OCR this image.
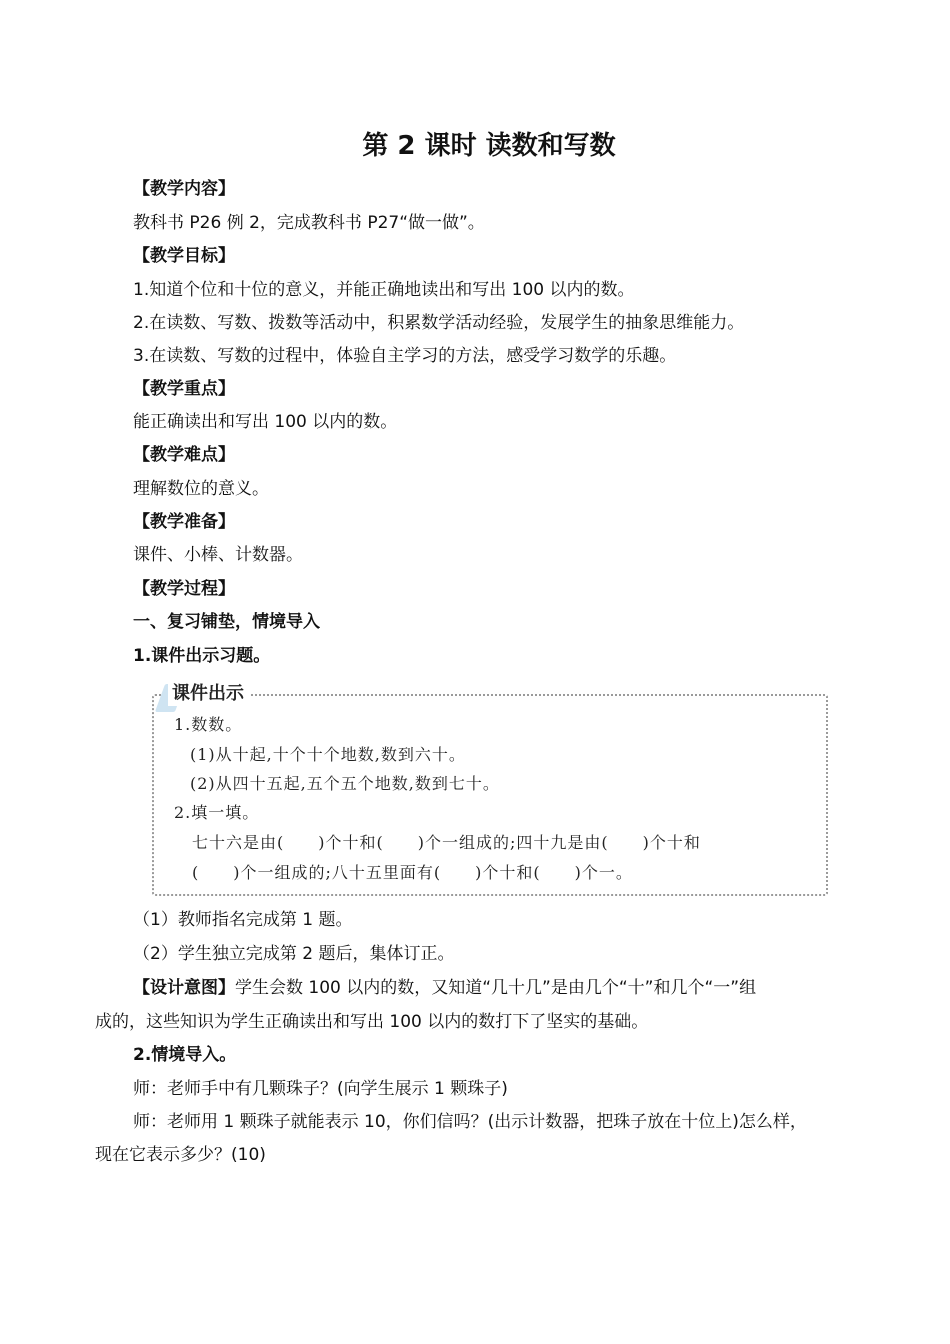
第 2 课时 读数和写数
【教学内容】
教科书 P26 例 2，完成教科书 P27“做一做”。
【教学目标】
1.知道个位和十位的意义，并能正确地读出和写出 100 以内的数。
2.在读数、写数、拨数等活动中，积累数学活动经验，发展学生的抽象思维能力。
3.在读数、写数的过程中，体验自主学习的方法，感受学习数学的乐趣。
【教学重点】
能正确读出和写出 100 以内的数。
【教学难点】
理解数位的意义。
【教学准备】
课件、小棒、计数器。
【教学过程】
一、复习铺垫，情境导入
1.课件出示习题。
课件出示
1.数数。
(1)从十起,十个十个地数,数到六十。
(2)从四十五起,五个五个地数,数到七十。
2.填一填。
七十六是由(　　)个十和(　　)个一组成的;四十九是由(　　)个十和
(　　)个一组成的;八十五里面有(　　)个十和(　　)个一。
（1）教师指名完成第 1 题。
（2）学生独立完成第 2 题后，集体订正。
【设计意图】学生会数 100 以内的数，又知道“几十几”是由几个“十”和几个“一”组
成的，这些知识为学生正确读出和写出 100 以内的数打下了坚实的基础。
2.情境导入。
师：老师手中有几颗珠子？(向学生展示 1 颗珠子)
师：老师用 1 颗珠子就能表示 10，你们信吗？(出示计数器，把珠子放在十位上)怎么样，
现在它表示多少？(10)
